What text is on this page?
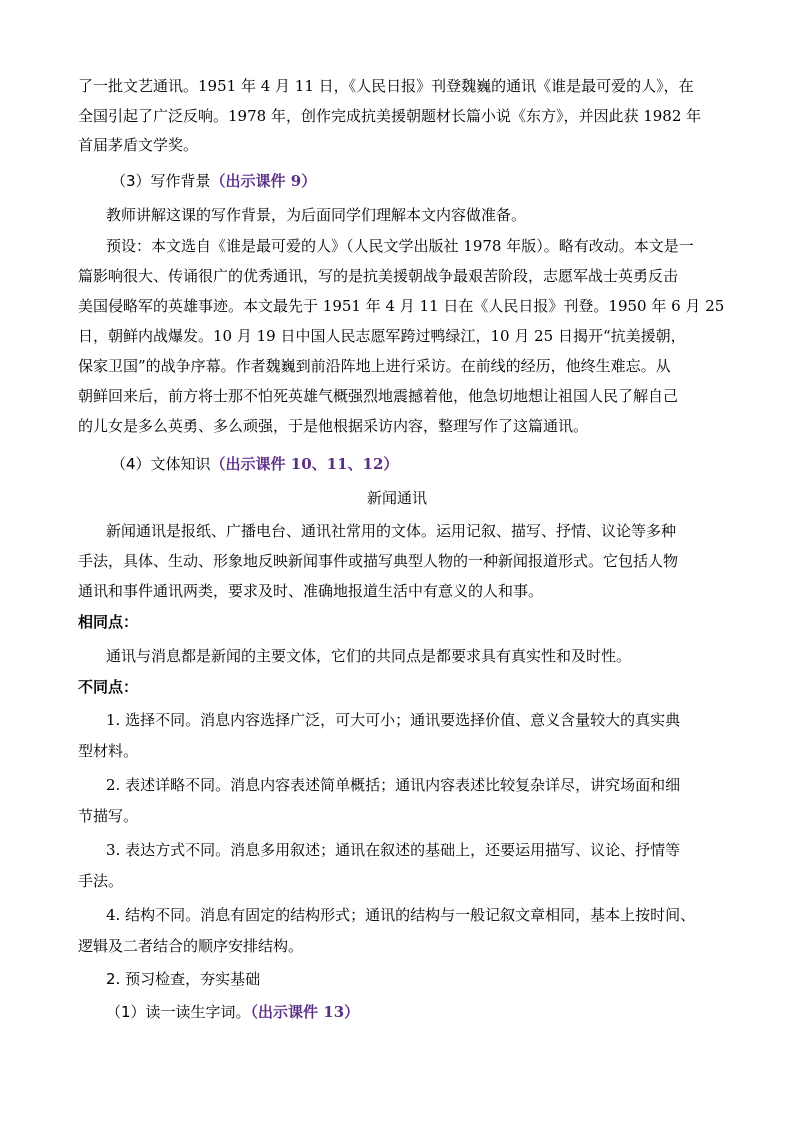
了一批文艺通讯。1951 年 4 月 11 日，《人民日报》刊登魏巍的通讯《谁是最可爱的人》，在
全国引起了广泛反响。1978 年，创作完成抗美援朝题材长篇小说《东方》，并因此获 1982 年
首届茅盾文学奖。
（3）写作背景（出示课件 9）
教师讲解这课的写作背景，为后面同学们理解本文内容做准备。
预设：本文选自《谁是最可爱的人》（人民文学出版社 1978 年版）。略有改动。本文是一
篇影响很大、传诵很广的优秀通讯，写的是抗美援朝战争最艰苦阶段，志愿军战士英勇反击
美国侵略军的英雄事迹。本文最先于 1951 年 4 月 11 日在《人民日报》刊登。1950 年 6 月 25
日，朝鲜内战爆发。10 月 19 日中国人民志愿军跨过鸭绿江，10 月 25 日揭开“抗美援朝，
保家卫国”的战争序幕。作者魏巍到前沿阵地上进行采访。在前线的经历，他终生难忘。从
朝鲜回来后，前方将士那不怕死英雄气概强烈地震撼着他，他急切地想让祖国人民了解自己
的儿女是多么英勇、多么顽强，于是他根据采访内容，整理写作了这篇通讯。
（4）文体知识（出示课件 10、11、12）
新闻通讯
新闻通讯是报纸、广播电台、通讯社常用的文体。运用记叙、描写、抒情、议论等多种
手法，具体、生动、形象地反映新闻事件或描写典型人物的一种新闻报道形式。它包括人物
通讯和事件通讯两类，要求及时、准确地报道生活中有意义的人和事。
相同点：
通讯与消息都是新闻的主要文体，它们的共同点是都要求具有真实性和及时性。
不同点：
1. 选择不同。消息内容选择广泛，可大可小；通讯要选择价值、意义含量较大的真实典
型材料。
2. 表述详略不同。消息内容表述简单概括；通讯内容表述比较复杂详尽，讲究场面和细
节描写。
3. 表达方式不同。消息多用叙述；通讯在叙述的基础上，还要运用描写、议论、抒情等
手法。
4. 结构不同。消息有固定的结构形式；通讯的结构与一般记叙文章相同，基本上按时间、
逻辑及二者结合的顺序安排结构。
2. 预习检查，夯实基础
（1）读一读生字词。（出示课件 13）
